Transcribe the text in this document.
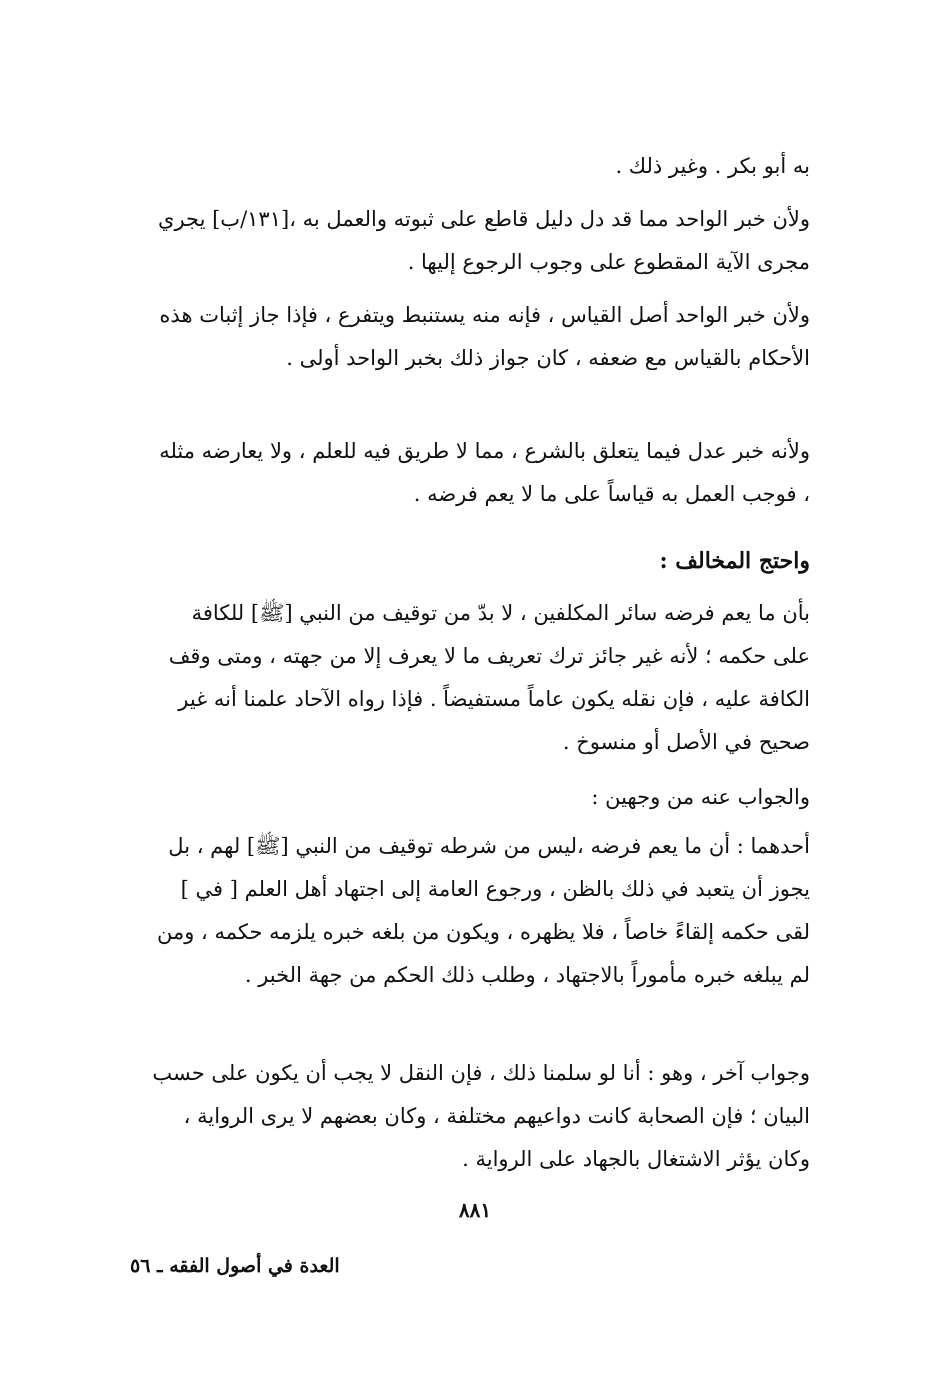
به أبو بكر . وغير ذلك .

ولأن خبر الواحد مما قد دل دليل قاطع على ثبوته والعمل به ،[١٣١/ب] يجري مجرى الآية المقطوع على وجوب الرجوع إليها .

ولأن خبر الواحد أصل القياس ، فإنه منه يستنبط ويتفرع ، فإذا جاز إثبات هذه الأحكام بالقياس مع ضعفه ، كان جواز ذلك بخبر الواحد أولى .

ولأنه خبر عدل فيما يتعلق بالشرع ، مما لا طريق فيه للعلم ، ولا يعارضه مثله ، فوجب العمل به قياساً على ما لا يعم فرضه .

واحتج المخالف :

بأن ما يعم فرضه سائر المكلفين ، لا بدّ من توقيف من النبي [ﷺ] للكافة على حكمه ؛ لأنه غير جائز ترك تعريف ما لا يعرف إلا من جهته ، ومتى وقف الكافة عليه ، فإن نقله يكون عاماً مستفيضاً . فإذا رواه الآحاد علمنا أنه غير صحيح في الأصل أو منسوخ .

والجواب عنه من وجهين :

أحدهما : أن ما يعم فرضه ،ليس من شرطه توقيف من النبي [ﷺ] لهم ، بل يجوز أن يتعبد في ذلك بالظن ، ورجوع العامة إلى اجتهاد أهل العلم [ في ] لقى حكمه إلقاءً خاصاً ، فلا يظهره ، ويكون من بلغه خبره يلزمه حكمه ، ومن لم يبلغه خبره مأموراً بالاجتهاد ، وطلب ذلك الحكم من جهة الخبر .

وجواب آخر ، وهو : أنا لو سلمنا ذلك ، فإن النقل لا يجب أن يكون على حسب البيان ؛ فإن الصحابة كانت دواعيهم مختلفة ، وكان بعضهم لا يرى الرواية ، وكان يؤثر الاشتغال بالجهاد على الرواية .

٨٨١
العدة في أصول الفقه ـ ٥٦
